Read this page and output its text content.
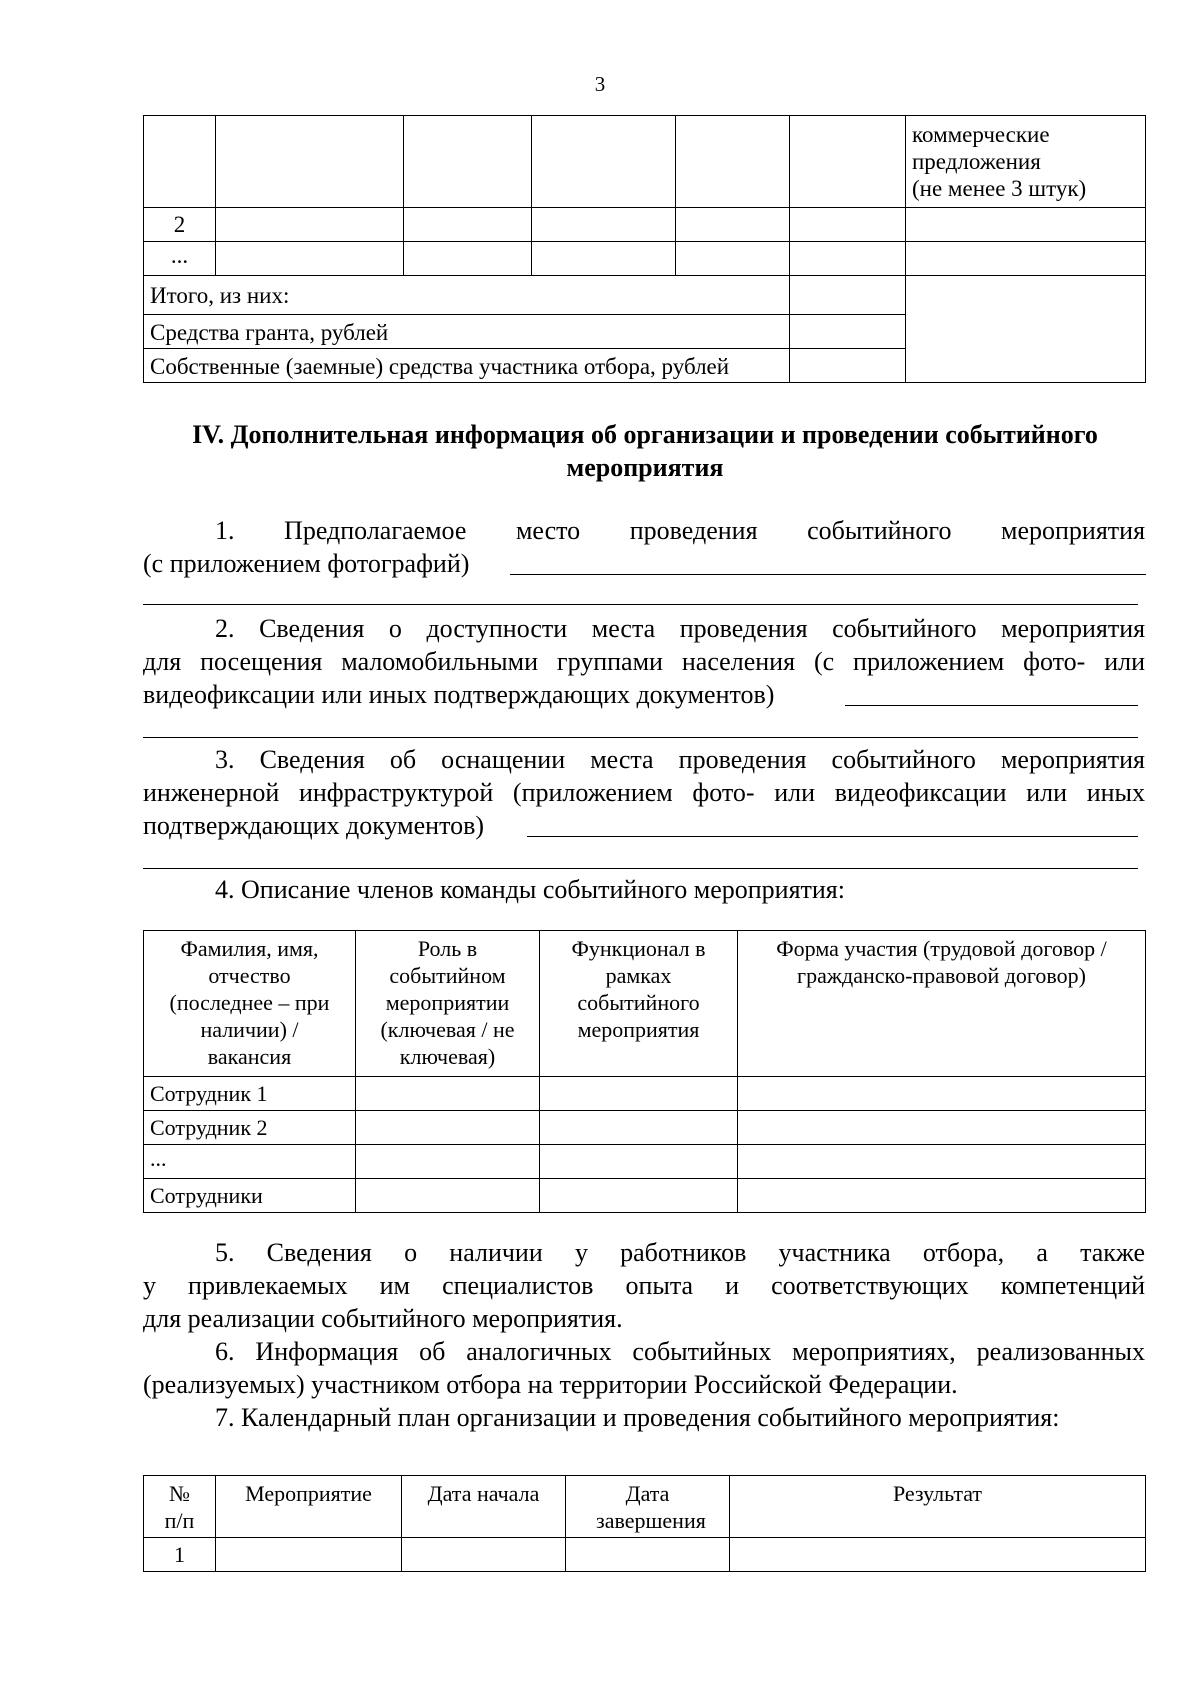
3

						коммерческие
предложения
(не менее 3 штук)

2						
...						
Итого, из них:						
Средства гранта, рублей						
Собственные (заемные) средства участника отбора, рублей						
IV. Дополнительная информация об организации и проведении событийного
мероприятия
1. Предполагаемое место проведения событийного мероприятия
(с приложением фотографий)
2. Сведения о доступности места проведения событийного мероприятия
для посещения маломобильными группами населения (с приложением фото- или
видеофиксации или иных подтверждающих документов)
3. Сведения об оснащении места проведения событийного мероприятия
инженерной инфраструктурой (приложением фото- или видеофиксации или иных
подтверждающих документов)
4. Описание членов команды событийного мероприятия:
Фамилия, имя, отчество (последнее – при наличии) / вакансия	Роль в событийном мероприятии (ключевая / не ключевая)	Функционал в рамках событийного мероприятия	Форма участия (трудовой договор / гражданско-правовой договор)
Сотрудник 1			
Сотрудник 2			
...			
Сотрудники			
5. Сведения о наличии у работников участника отбора, а также
у привлекаемых им специалистов опыта и соответствующих компетенций
для реализации событийного мероприятия.
6. Информация об аналогичных событийных мероприятиях, реализованных
(реализуемых) участником отбора на территории Российской Федерации.
7. Календарный план организации и проведения событийного мероприятия:
№ п/п	Мероприятие	Дата начала	Дата завершения	Результат
1				
